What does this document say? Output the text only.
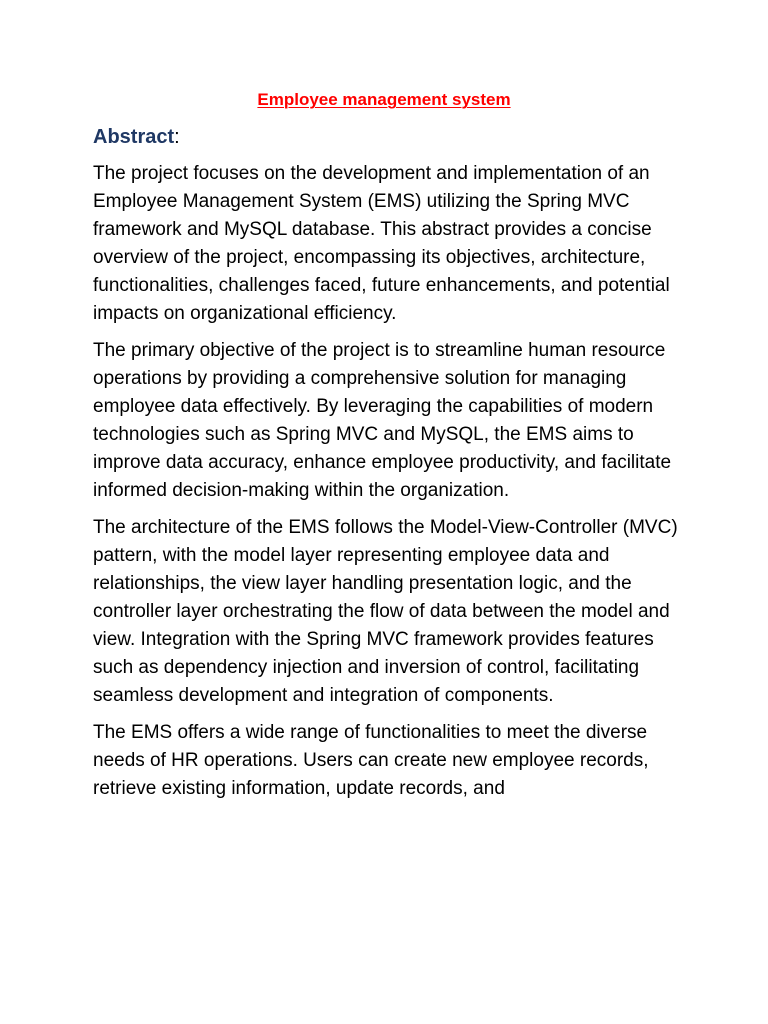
Employee management system
Abstract:

The project focuses on the development and implementation of an Employee Management System (EMS) utilizing the Spring MVC framework and MySQL database. This abstract provides a concise overview of the project, encompassing its objectives, architecture, functionalities, challenges faced, future enhancements, and potential impacts on organizational efficiency.

The primary objective of the project is to streamline human resource operations by providing a comprehensive solution for managing employee data effectively. By leveraging the capabilities of modern technologies such as Spring MVC and MySQL, the EMS aims to improve data accuracy, enhance employee productivity, and facilitate informed decision-making within the organization.

The architecture of the EMS follows the Model-View-Controller (MVC) pattern, with the model layer representing employee data and relationships, the view layer handling presentation logic, and the controller layer orchestrating the flow of data between the model and view. Integration with the Spring MVC framework provides features such as dependency injection and inversion of control, facilitating seamless development and integration of components.

The EMS offers a wide range of functionalities to meet the diverse needs of HR operations. Users can create new employee records, retrieve existing information, update records, and
